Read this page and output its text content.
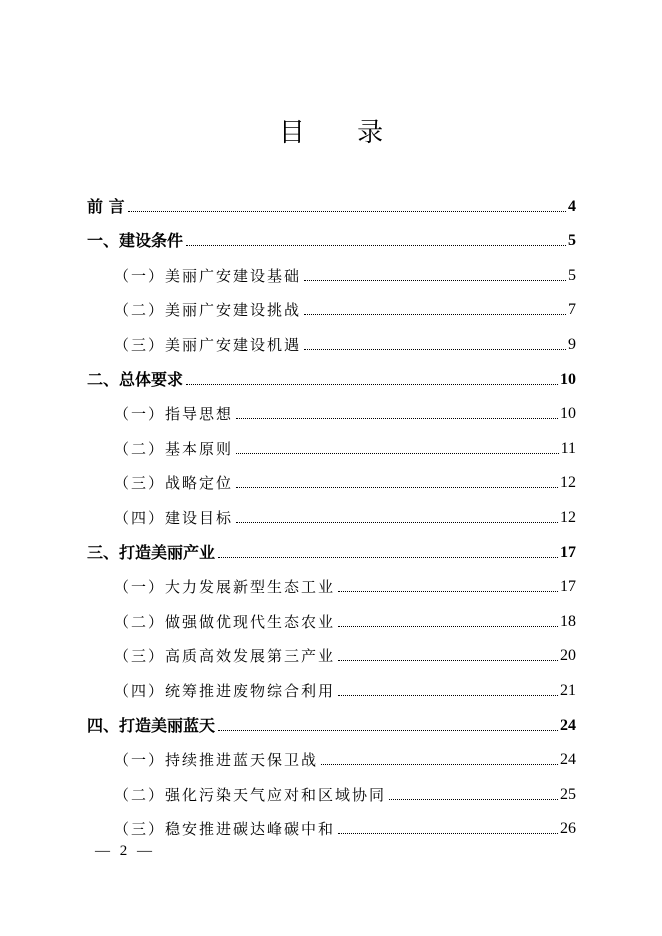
目 录
前 言	4
一、建设条件	5
（一）美丽广安建设基础	5
（二）美丽广安建设挑战	7
（三）美丽广安建设机遇	9
二、总体要求	10
（一）指导思想	10
（二）基本原则	11
（三）战略定位	12
（四）建设目标	12
三、打造美丽产业	17
（一）大力发展新型生态工业	17
（二）做强做优现代生态农业	18
（三）高质高效发展第三产业	20
（四）统筹推进废物综合利用	21
四、打造美丽蓝天	24
（一）持续推进蓝天保卫战	24
（二）强化污染天气应对和区域协同	25
（三）稳安推进碳达峰碳中和	26
— 2 —
